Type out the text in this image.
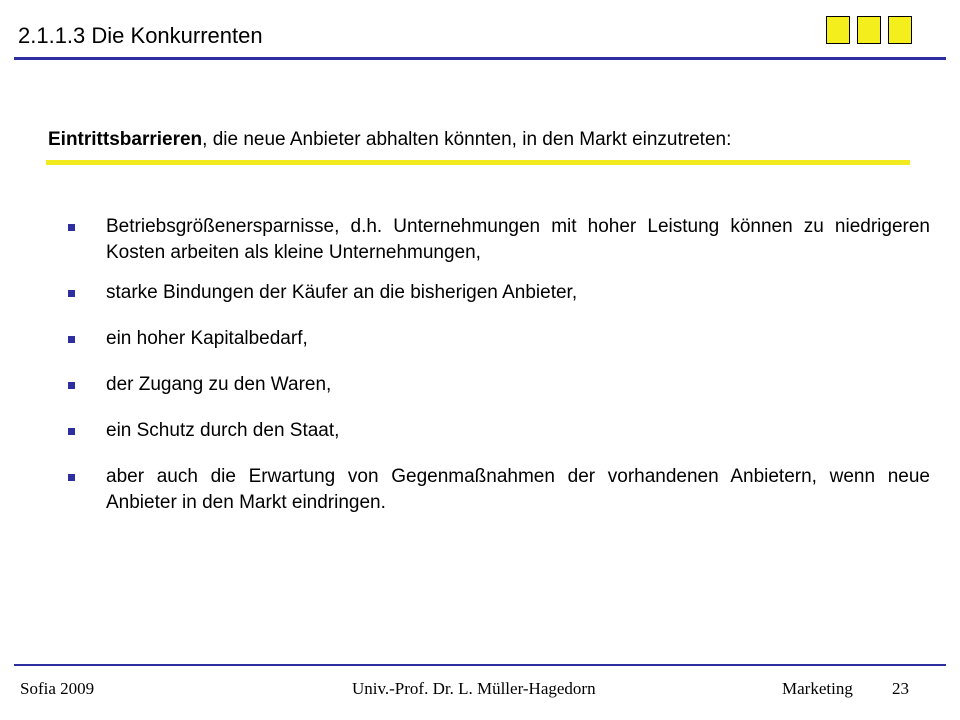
2.1.1.3 Die Konkurrenten
Eintrittsbarrieren, die neue Anbieter abhalten könnten, in den Markt einzutreten:
Betriebsgrößenersparnisse, d.h. Unternehmungen mit hoher Leistung können zu niedrigeren Kosten arbeiten als kleine Unternehmungen,
starke Bindungen der Käufer an die bisherigen Anbieter,
ein hoher Kapitalbedarf,
der Zugang zu den Waren,
ein Schutz durch den Staat,
aber auch die Erwartung von Gegenmaßnahmen der vorhandenen Anbietern, wenn neue Anbieter in den Markt eindringen.
Sofia 2009	Univ.-Prof. Dr. L. Müller-Hagedorn	Marketing 23
